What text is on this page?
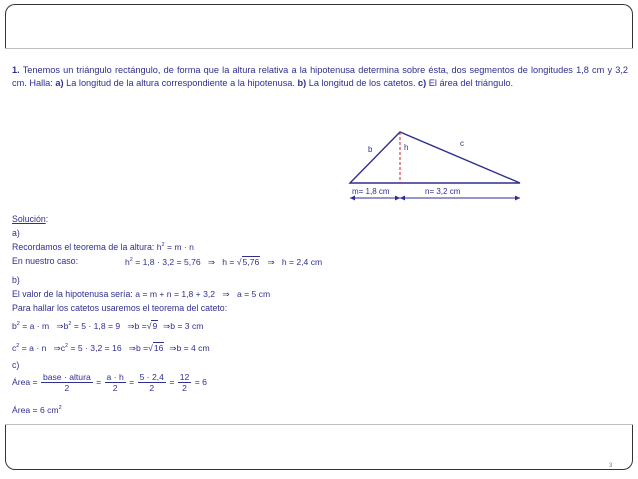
1. Tenemos un triángulo rectángulo, de forma que la altura relativa a la hipotenusa determina sobre ésta, dos segmentos de longitudes 1,8 cm y 3,2 cm. Halla: a) La longitud de la altura correspondiente a la hipotenusa. b) La longitud de los catetos. c) El área del triángulo.
b	h	c
m= 1,8 cm	n= 3,2 cm
Solución:
a)
Recordamos el teorema de la altura: $h^2 = m \cdot n$
En nuestro caso:	$h^2 = 1,8 \cdot 3,2 = 5,76$ ⇒ h = √5,76 ⇒ h = 2,4 cm
b)
El valor de la hipotenusa sería: a = m + n = 1,8 + 3,2 ⇒ a = 5 cm
Para hallar los catetos usaremos el teorema del cateto:
$b^2 = a \cdot m$ $\Rightarrow b^2 = 5 \cdot 1,8 = 9$ ⇒b =√9 ⇒b = 3 cm
$c^2 = a \cdot n$ $\Rightarrow c^2 = 5 \cdot 3,2 = 16$ ⇒b =√16 ⇒b = 4 cm
c)
Área = $\frac{\text{base · altura}}{2} = \frac{a \cdot h}{2} = \frac{5 \cdot 2,4}{2} = \frac{12}{2} = 6$
Área = 6 $cm^2$
3
